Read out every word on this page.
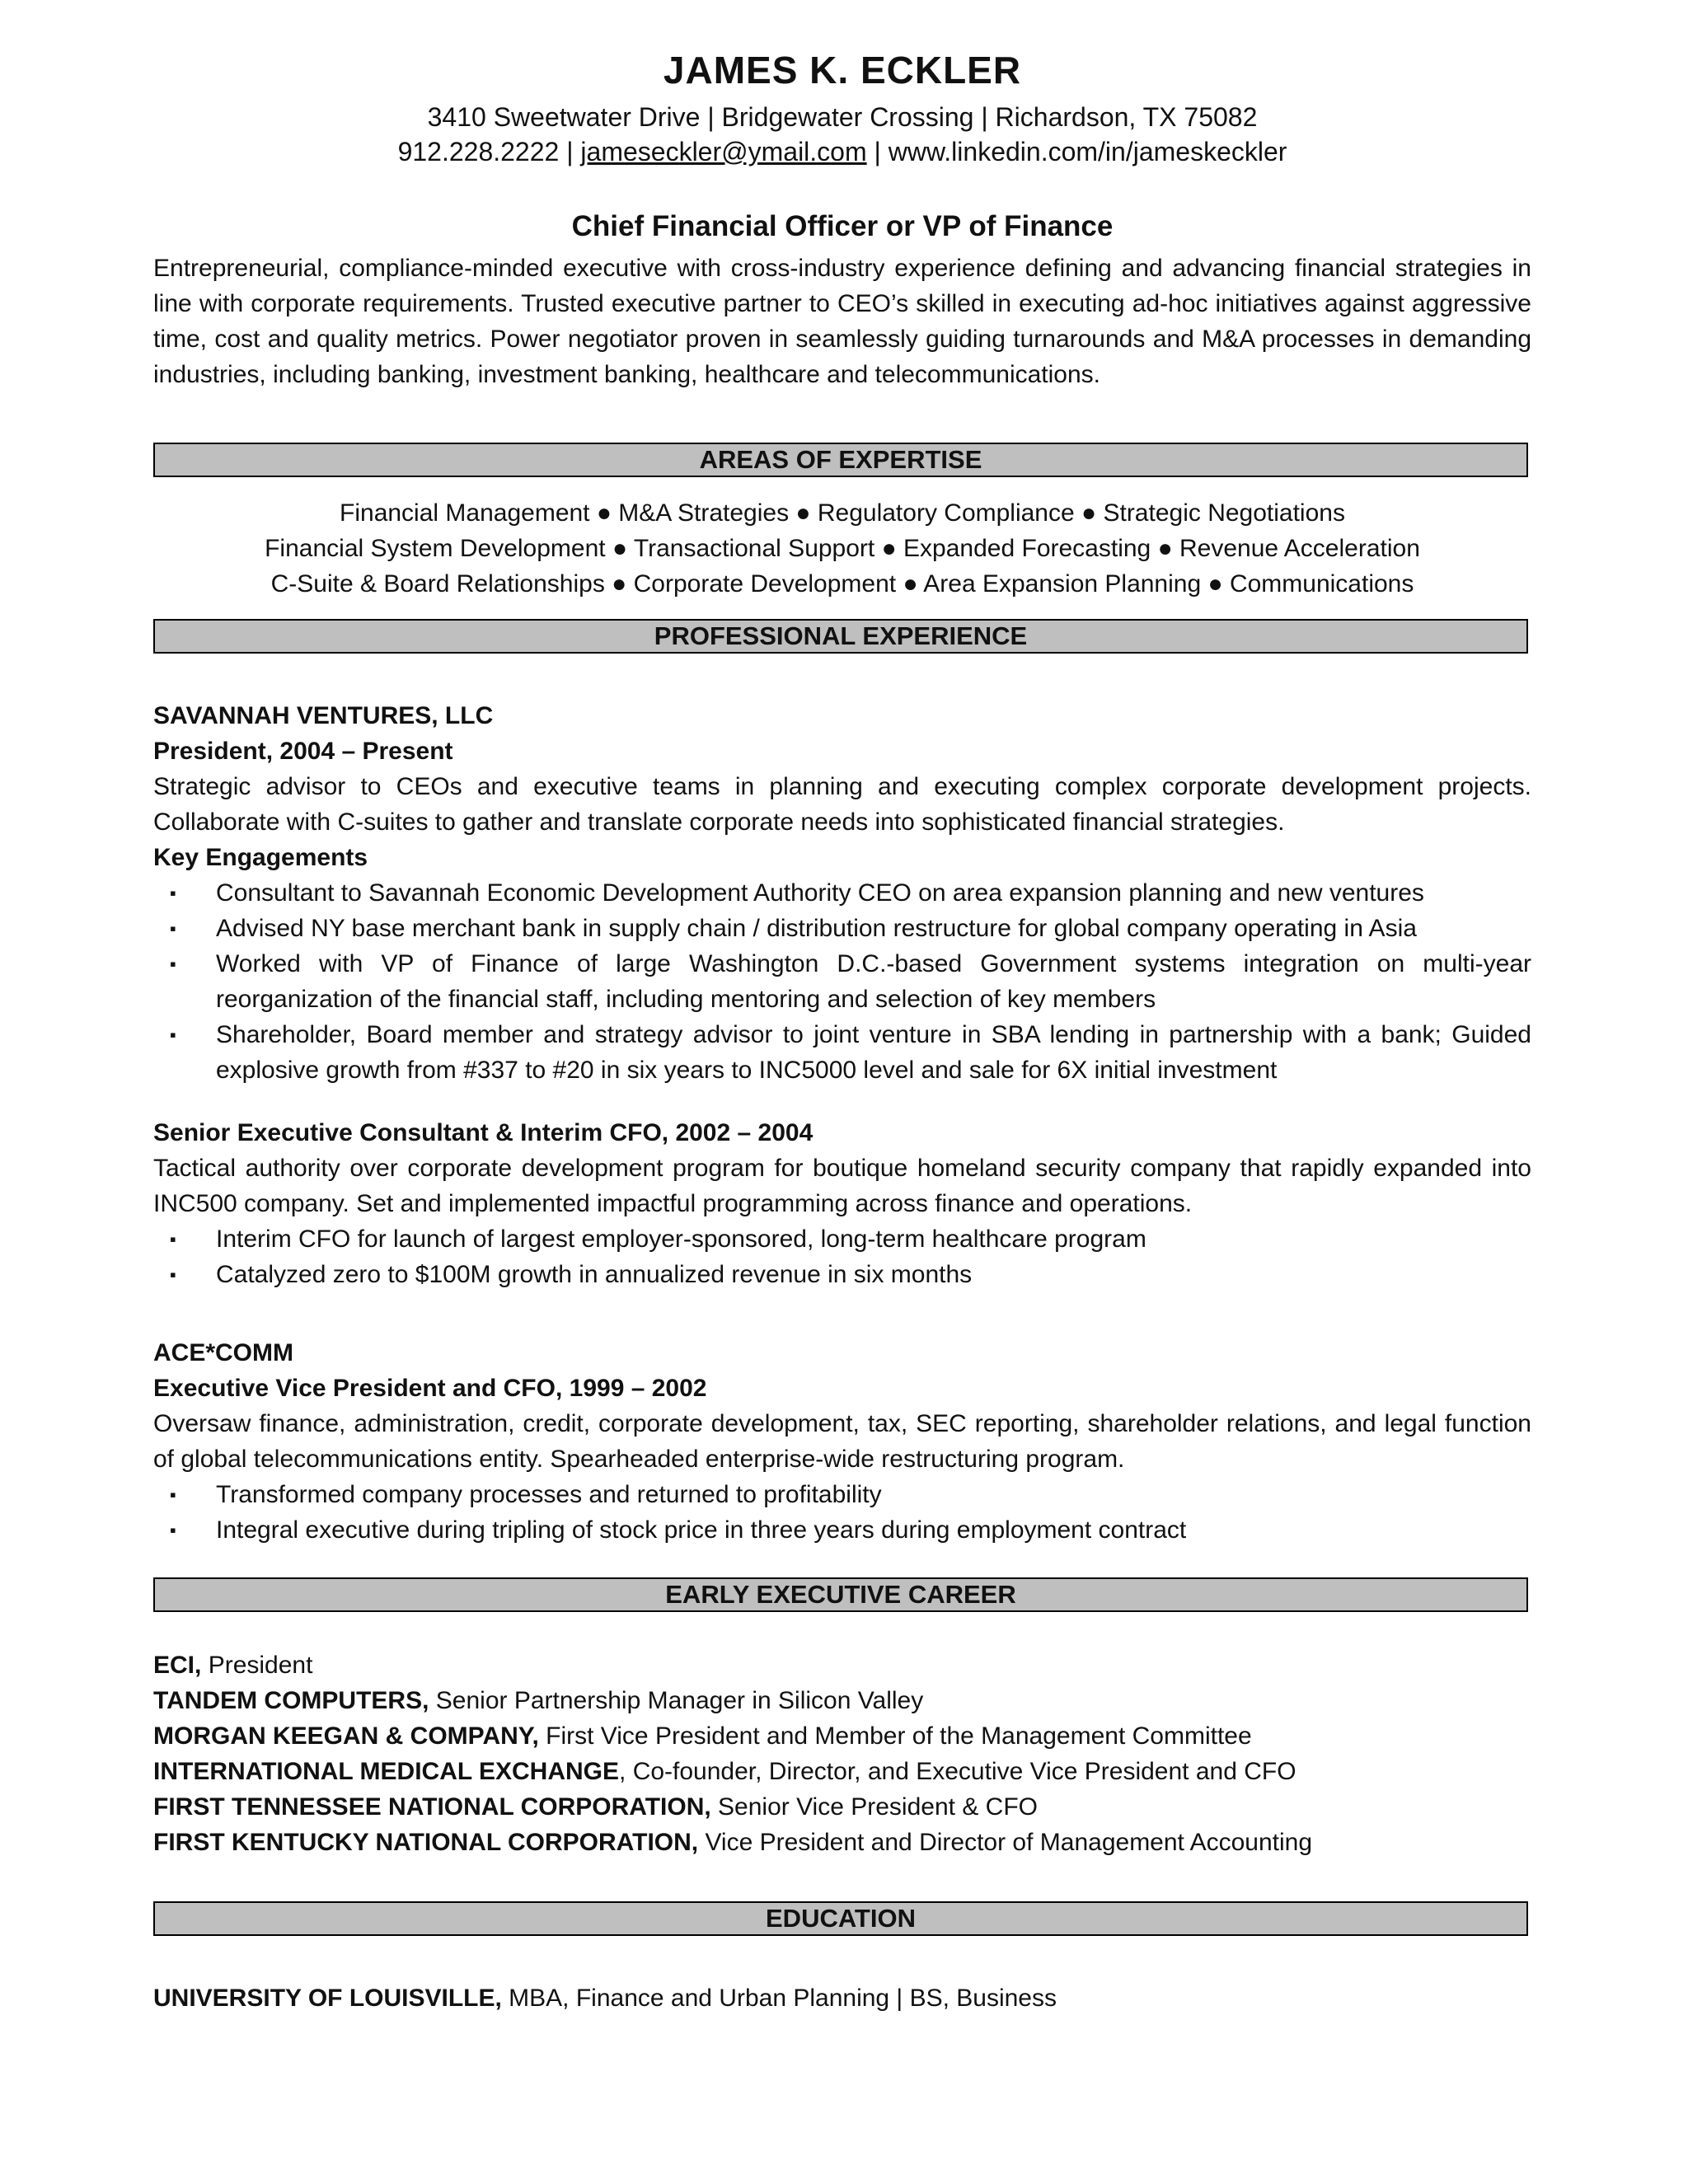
JAMES K. ECKLER
3410 Sweetwater Drive | Bridgewater Crossing | Richardson, TX 75082
912.228.2222 | jameseckler@ymail.com | www.linkedin.com/in/jameskeckler
Chief Financial Officer or VP of Finance
Entrepreneurial, compliance-minded executive with cross-industry experience defining and advancing financial strategies in line with corporate requirements. Trusted executive partner to CEO’s skilled in executing ad-hoc initiatives against aggressive time, cost and quality metrics. Power negotiator proven in seamlessly guiding turnarounds and M&A processes in demanding industries, including banking, investment banking, healthcare and telecommunications.
AREAS OF EXPERTISE
Financial Management ● M&A Strategies ● Regulatory Compliance ● Strategic Negotiations
Financial System Development ● Transactional Support ● Expanded Forecasting ● Revenue Acceleration
C-Suite & Board Relationships ● Corporate Development ● Area Expansion Planning ● Communications
PROFESSIONAL EXPERIENCE
SAVANNAH VENTURES, LLC
President, 2004 – Present
Strategic advisor to CEOs and executive teams in planning and executing complex corporate development projects. Collaborate with C-suites to gather and translate corporate needs into sophisticated financial strategies.
Key Engagements
▪ Consultant to Savannah Economic Development Authority CEO on area expansion planning and new ventures
▪ Advised NY base merchant bank in supply chain / distribution restructure for global company operating in Asia
▪ Worked with VP of Finance of large Washington D.C.-based Government systems integration on multi-year reorganization of the financial staff, including mentoring and selection of key members
▪ Shareholder, Board member and strategy advisor to joint venture in SBA lending in partnership with a bank; Guided explosive growth from #337 to #20 in six years to INC5000 level and sale for 6X initial investment
Senior Executive Consultant & Interim CFO, 2002 – 2004
Tactical authority over corporate development program for boutique homeland security company that rapidly expanded into INC500 company. Set and implemented impactful programming across finance and operations.
▪ Interim CFO for launch of largest employer-sponsored, long-term healthcare program
▪ Catalyzed zero to $100M growth in annualized revenue in six months
ACE*COMM
Executive Vice President and CFO, 1999 – 2002
Oversaw finance, administration, credit, corporate development, tax, SEC reporting, shareholder relations, and legal function of global telecommunications entity. Spearheaded enterprise-wide restructuring program.
▪ Transformed company processes and returned to profitability
▪ Integral executive during tripling of stock price in three years during employment contract
EARLY EXECUTIVE CAREER
ECI, President
TANDEM COMPUTERS, Senior Partnership Manager in Silicon Valley
MORGAN KEEGAN & COMPANY, First Vice President and Member of the Management Committee
INTERNATIONAL MEDICAL EXCHANGE, Co-founder, Director, and Executive Vice President and CFO
FIRST TENNESSEE NATIONAL CORPORATION, Senior Vice President & CFO
FIRST KENTUCKY NATIONAL CORPORATION, Vice President and Director of Management Accounting
EDUCATION
UNIVERSITY OF LOUISVILLE, MBA, Finance and Urban Planning | BS, Business
